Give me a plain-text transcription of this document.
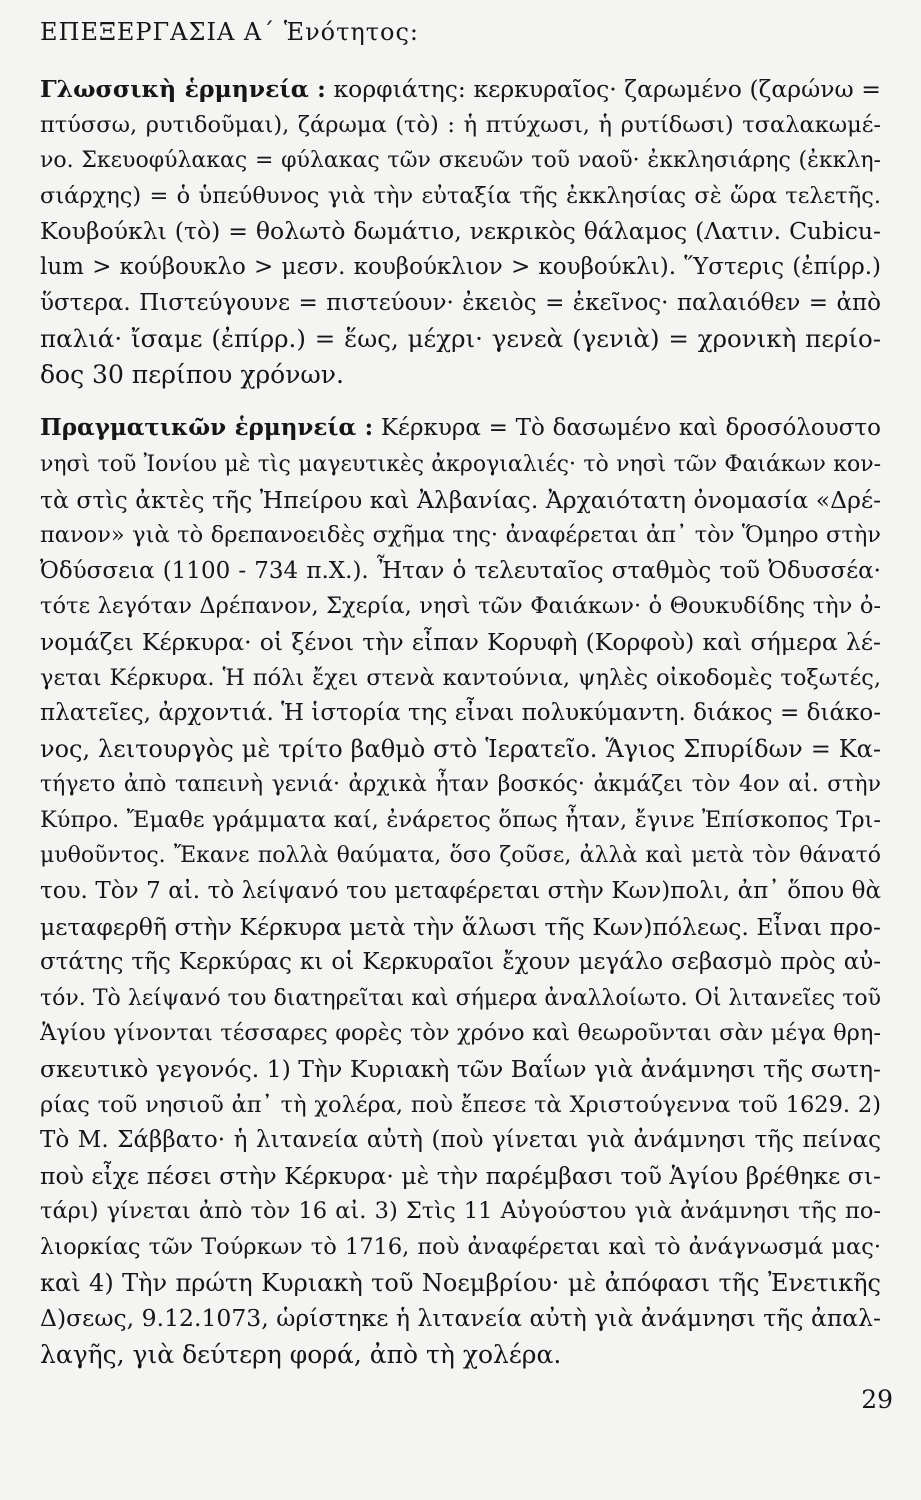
ΕΠΕΞΕΡΓΑΣΙΑ Α΄ Ἑνότητος:
Γλωσσικὴ ἑρμηνεία : κορφιάτης: κερκυραῖος· ζαρωμένο (ζαρώνω =
πτύσσω, ρυτιδοῦμαι), ζάρωμα (τὸ) : ἡ πτύχωσι, ἡ ρυτίδωσι) τσαλακωμέ-
νο. Σκευοφύλακας = φύλακας τῶν σκευῶν τοῦ ναοῦ· ἐκκλησιάρης (ἐκκλη-
σιάρχης) = ὁ ὑπεύθυνος γιὰ τὴν εὐταξία τῆς ἐκκλησίας σὲ ὥρα τελετῆς.
Κουβούκλι (τὸ) = θολωτὸ δωμάτιο, νεκρικὸς θάλαμος (Λατιν. Cubicu-
lum > κούβουκλο > μεσν. κουβούκλιον > κουβούκλι). Ὕστερις (ἐπίρρ.)
ὕστερα. Πιστεύγουνε = πιστεύουν· ἐκειὸς = ἐκεῖνος· παλαιόθεν = ἀπὸ
παλιά· ἴσαμε (ἐπίρρ.) = ἕως, μέχρι· γενεὰ (γενιὰ) = χρονικὴ περίο-
δος 30 περίπου χρόνων.
Πραγματικῶν ἑρμηνεία : Κέρκυρα = Τὸ δασωμένο καὶ δροσόλουστο
νησὶ τοῦ Ἰονίου μὲ τὶς μαγευτικὲς ἀκρογιαλιές· τὸ νησὶ τῶν Φαιάκων κον-
τὰ στὶς ἀκτὲς τῆς Ἠπείρου καὶ Ἀλβανίας. Ἀρχαιότατη ὀνομασία «Δρέ-
πανον» γιὰ τὸ δρεπανοειδὲς σχῆμα της· ἀναφέρεται ἀπ᾽ τὸν Ὅμηρο στὴν
Ὀδύσσεια (1100 - 734 π.Χ.). Ἦταν ὁ τελευταῖος σταθμὸς τοῦ Ὀδυσσέα·
τότε λεγόταν Δρέπανον, Σχερία, νησὶ τῶν Φαιάκων· ὁ Θουκυδίδης τὴν ὀ-
νομάζει Κέρκυρα· οἱ ξένοι τὴν εἶπαν Κορυφὴ (Κορφοὺ) καὶ σήμερα λέ-
γεται Κέρκυρα. Ἡ πόλι ἔχει στενὰ καντούνια, ψηλὲς οἰκοδομὲς τοξωτές,
πλατεῖες, ἀρχοντιά. Ἡ ἱστορία της εἶναι πολυκύμαντη. διάκος = διάκο-
νος, λειτουργὸς μὲ τρίτο βαθμὸ στὸ Ἱερατεῖο. Ἅγιος Σπυρίδων = Κα-
τήγετο ἀπὸ ταπεινὴ γενιά· ἀρχικὰ ἦταν βοσκός· ἀκμάζει τὸν 4ον αἰ. στὴν
Κύπρο. Ἔμαθε γράμματα καί, ἐνάρετος ὅπως ἦταν, ἔγινε Ἐπίσκοπος Τρι-
μυθοῦντος. Ἔκανε πολλὰ θαύματα, ὅσο ζοῦσε, ἀλλὰ καὶ μετὰ τὸν θάνατό
του. Τὸν 7 αἰ. τὸ λείψανό του μεταφέρεται στὴν Κων)πολι, ἀπ᾽ ὅπου θὰ
μεταφερθῆ στὴν Κέρκυρα μετὰ τὴν ἅλωσι τῆς Κων)πόλεως. Εἶναι προ-
στάτης τῆς Κερκύρας κι οἱ Κερκυραῖοι ἔχουν μεγάλο σεβασμὸ πρὸς αὐ-
τόν. Τὸ λείψανό του διατηρεῖται καὶ σήμερα ἀναλλοίωτο. Οἱ λιτανεῖες τοῦ
Ἁγίου γίνονται τέσσαρες φορὲς τὸν χρόνο καὶ θεωροῦνται σὰν μέγα θρη-
σκευτικὸ γεγονός. 1) Τὴν Κυριακὴ τῶν Βαΐων γιὰ ἀνάμνησι τῆς σωτη-
ρίας τοῦ νησιοῦ ἀπ᾽ τὴ χολέρα, ποὺ ἔπεσε τὰ Χριστούγεννα τοῦ 1629. 2)
Τὸ Μ. Σάββατο· ἡ λιτανεία αὐτὴ (ποὺ γίνεται γιὰ ἀνάμνησι τῆς πείνας
ποὺ εἶχε πέσει στὴν Κέρκυρα· μὲ τὴν παρέμβασι τοῦ Ἁγίου βρέθηκε σι-
τάρι) γίνεται ἀπὸ τὸν 16 αἰ. 3) Στὶς 11 Αὐγούστου γιὰ ἀνάμνησι τῆς πο-
λιορκίας τῶν Τούρκων τὸ 1716, ποὺ ἀναφέρεται καὶ τὸ ἀνάγνωσμά μας·
καὶ 4) Τὴν πρώτη Κυριακὴ τοῦ Νοεμβρίου· μὲ ἀπόφασι τῆς Ἐνετικῆς
Δ)σεως, 9.12.1073, ὡρίστηκε ἡ λιτανεία αὐτὴ γιὰ ἀνάμνησι τῆς ἀπαλ-
λαγῆς, γιὰ δεύτερη φορά, ἀπὸ τὴ χολέρα.
29
